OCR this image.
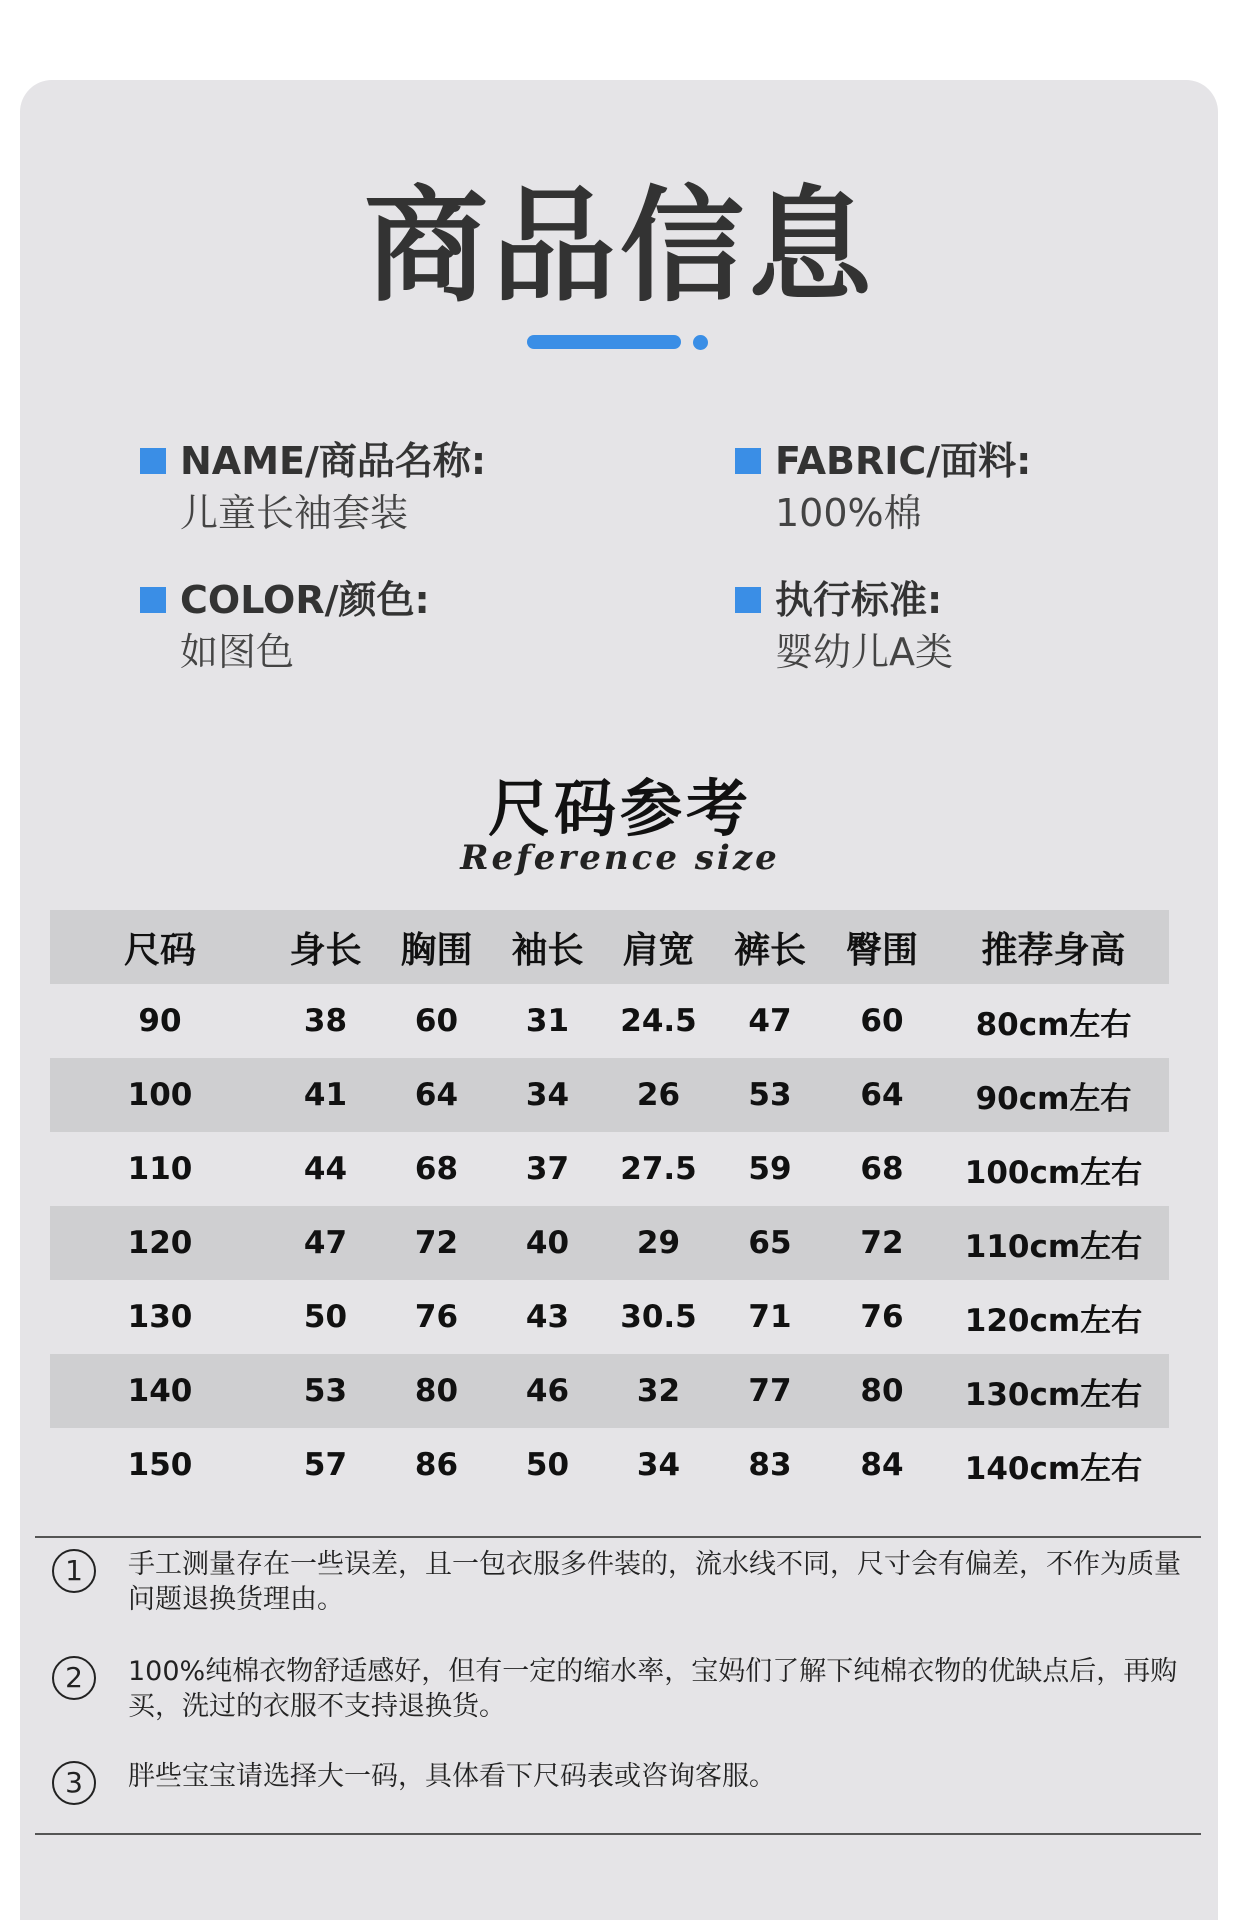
商品信息
NAME/商品名称:
儿童长袖套装
FABRIC/面料:
100%棉
COLOR/颜色:
如图色
执行标准:
婴幼儿A类
尺码参考
Reference size
尺码	身长	胸围	袖长	肩宽	裤长	臀围	推荐身高
90	38	60	31	24.5	47	60	80cm左右
100	41	64	34	26	53	64	90cm左右
110	44	68	37	27.5	59	68	100cm左右
120	47	72	40	29	65	72	110cm左右
130	50	76	43	30.5	71	76	120cm左右
140	53	80	46	32	77	80	130cm左右
150	57	86	50	34	83	84	140cm左右
1	手工测量存在一些误差，且一包衣服多件装的，流水线不同，尺寸会有偏差，不作为质量问题退换货理由。
2	100%纯棉衣物舒适感好，但有一定的缩水率，宝妈们了解下纯棉衣物的优缺点后，再购买，洗过的衣服不支持退换货。
3	胖些宝宝请选择大一码，具体看下尺码表或咨询客服。
